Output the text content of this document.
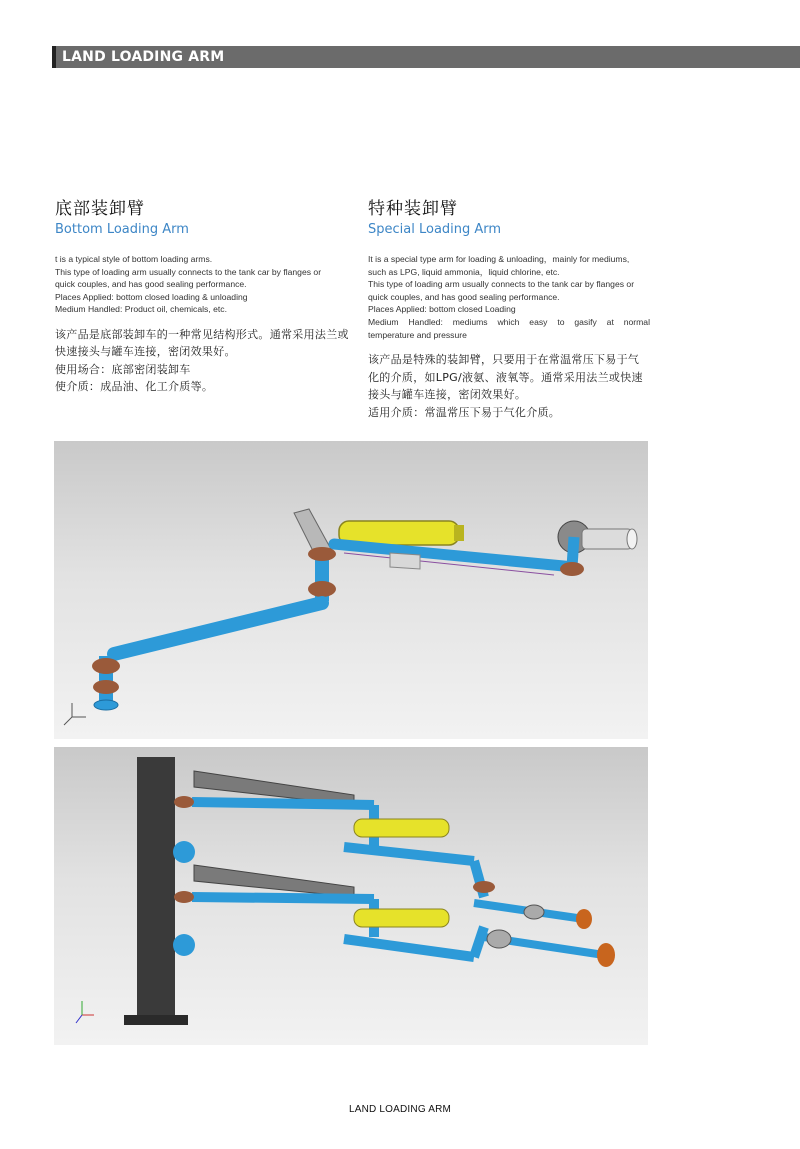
LAND LOADING ARM
底部装卸臂
Bottom Loading Arm
t is a typical style of bottom loading arms.
This type of loading arm usually connects to the tank car by flanges or
quick couples, and has good sealing performance.
Places Applied: bottom closed loading & unloading
Medium Handled: Product oil, chemicals, etc.
该产品是底部装卸车的一种常见结构形式。通常采用法兰或
快速接头与罐车连接，密闭效果好。
使用场合：底部密闭装卸车
使介质：成品油、化工介质等。
特种装卸臂
Special Loading Arm
It is a special type arm for loading & unloading，mainly for mediums,
such as LPG, liquid ammonia，liquid chlorine, etc.
This type of loading arm usually connects to the tank car by flanges or
quick couples, and has good sealing performance.
Places Applied: bottom closed Loading
Medium Handled: mediums which easy to gasify at normal
temperature and pressure
该产品是特殊的装卸臂，只要用于在常温常压下易于气
化的介质，如LPG/液氨、液氧等。通常采用法兰或快速
接头与罐车连接，密闭效果好。
适用介质：常温常压下易于气化介质。
LAND LOADING ARM
